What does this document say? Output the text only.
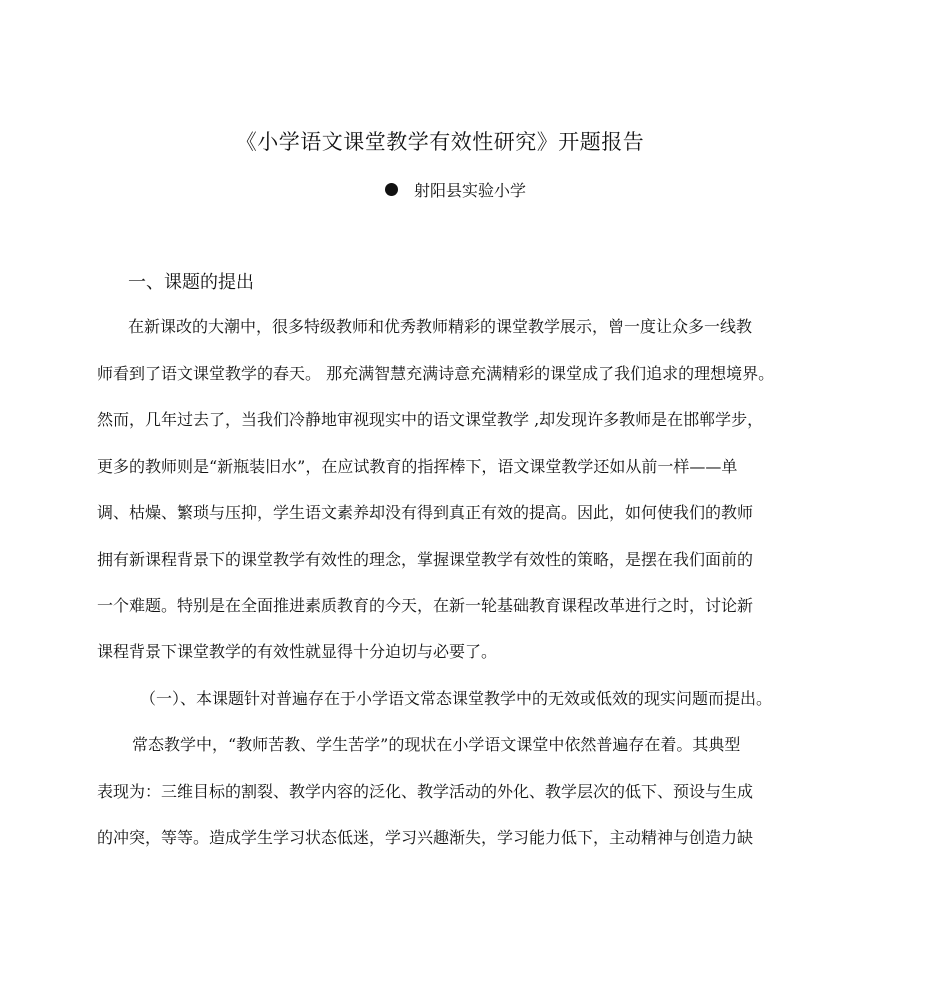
《小学语文课堂教学有效性研究》开题报告
射阳县实验小学
一、课题的提出
在新课改的大潮中，很多特级教师和优秀教师精彩的课堂教学展示，曾一度让众多一线教
师看到了语文课堂教学的春天。 那充满智慧充满诗意充满精彩的课堂成了我们追求的理想境界。
然而，几年过去了，当我们冷静地审视现实中的语文课堂教学 ,却发现许多教师是在邯郸学步，
更多的教师则是“新瓶装旧水”，在应试教育的指挥棒下，语文课堂教学还如从前一样——单
调、枯燥、繁琐与压抑，学生语文素养却没有得到真正有效的提高。因此，如何使我们的教师
拥有新课程背景下的课堂教学有效性的理念，掌握课堂教学有效性的策略，是摆在我们面前的
一个难题。特别是在全面推进素质教育的今天，在新一轮基础教育课程改革进行之时，讨论新
课程背景下课堂教学的有效性就显得十分迫切与必要了。
（一）、本课题针对普遍存在于小学语文常态课堂教学中的无效或低效的现实问题而提出。
常态教学中，“教师苦教、学生苦学”的现状在小学语文课堂中依然普遍存在着。其典型
表现为：三维目标的割裂、教学内容的泛化、教学活动的外化、教学层次的低下、预设与生成
的冲突，等等。造成学生学习状态低迷，学习兴趣渐失，学习能力低下，主动精神与创造力缺
